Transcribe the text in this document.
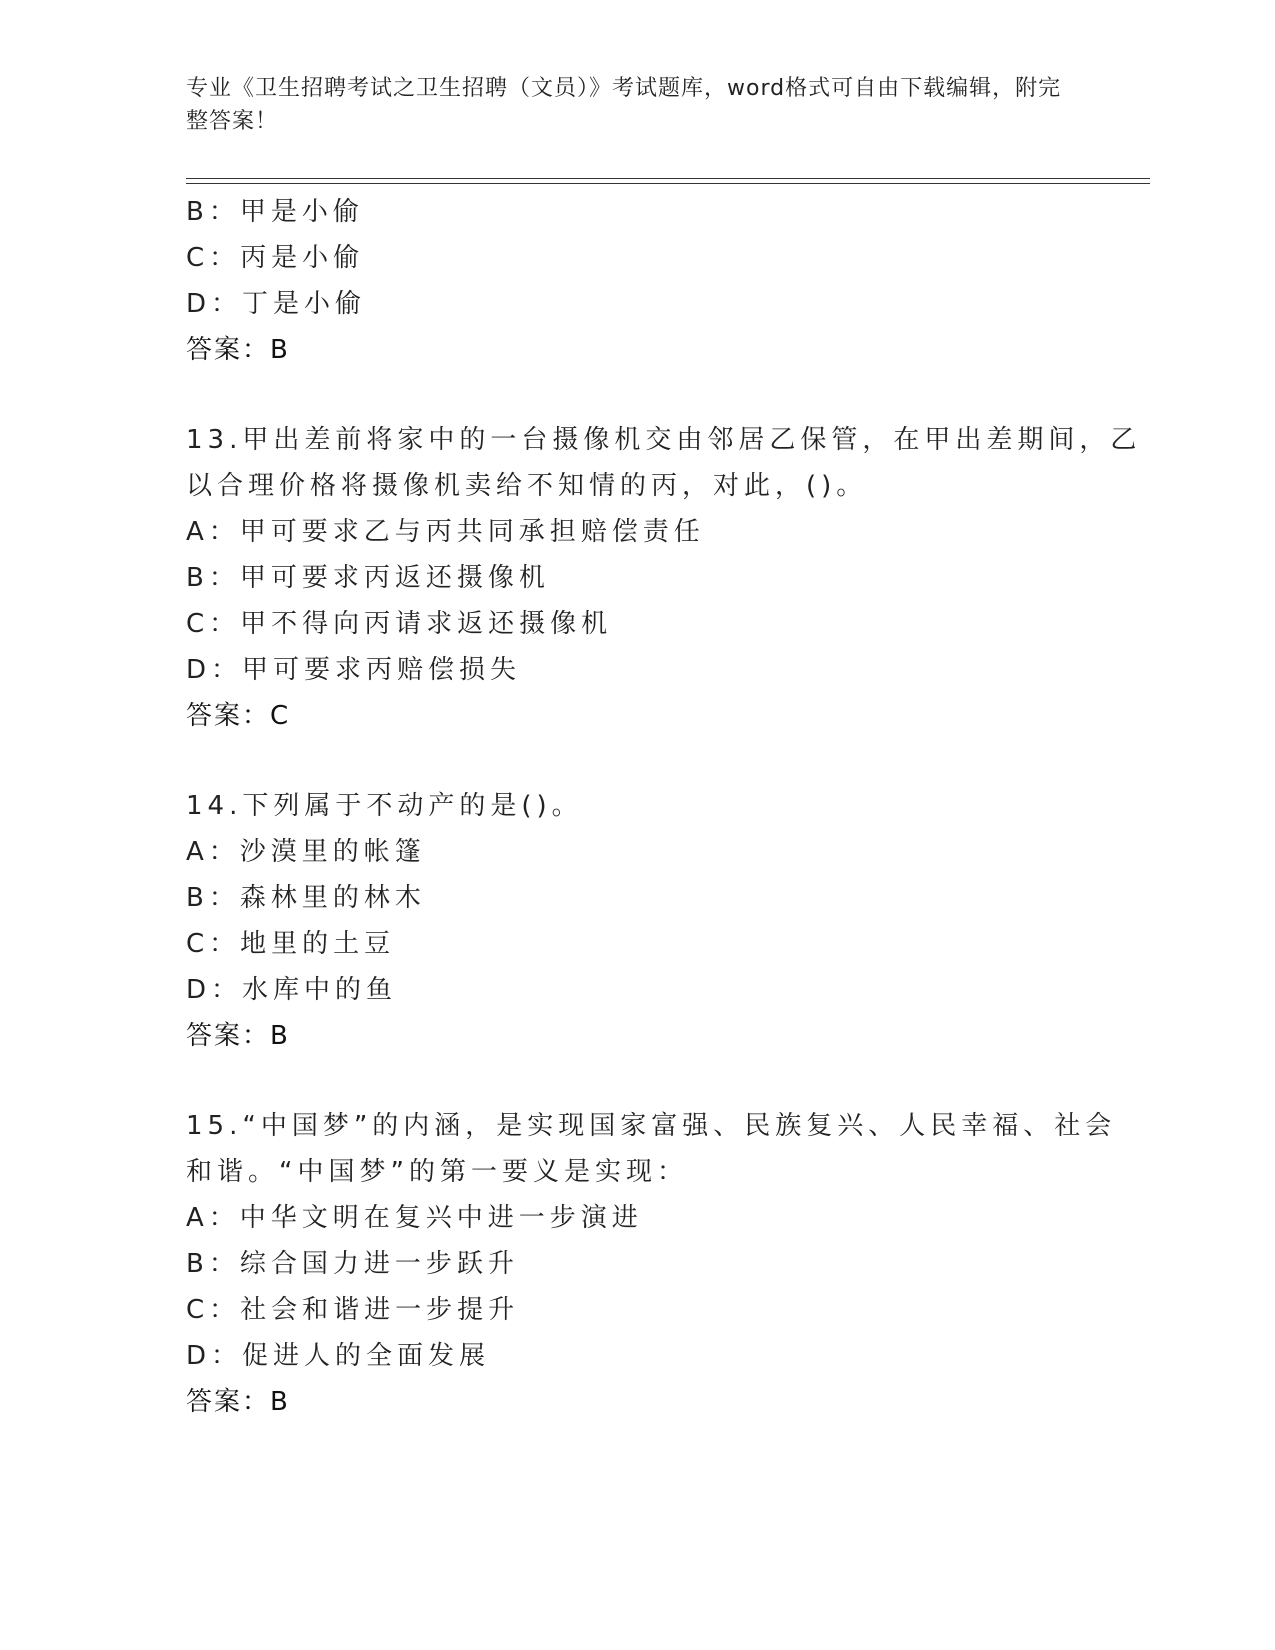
专业《卫生招聘考试之卫生招聘（文员）》考试题库，word格式可自由下载编辑，附完整答案！
B：甲是小偷
C：丙是小偷
D：丁是小偷
答案：B
13.甲出差前将家中的一台摄像机交由邻居乙保管，在甲出差期间，乙
以合理价格将摄像机卖给不知情的丙，对此，()。
A：甲可要求乙与丙共同承担赔偿责任
B：甲可要求丙返还摄像机
C：甲不得向丙请求返还摄像机
D：甲可要求丙赔偿损失
答案：C
14.下列属于不动产的是()。
A：沙漠里的帐篷
B：森林里的林木
C：地里的土豆
D：水库中的鱼
答案：B
15.“中国梦”的内涵，是实现国家富强、民族复兴、人民幸福、社会
和谐。“中国梦”的第一要义是实现：
A：中华文明在复兴中进一步演进
B：综合国力进一步跃升
C：社会和谐进一步提升
D：促进人的全面发展
答案：B
